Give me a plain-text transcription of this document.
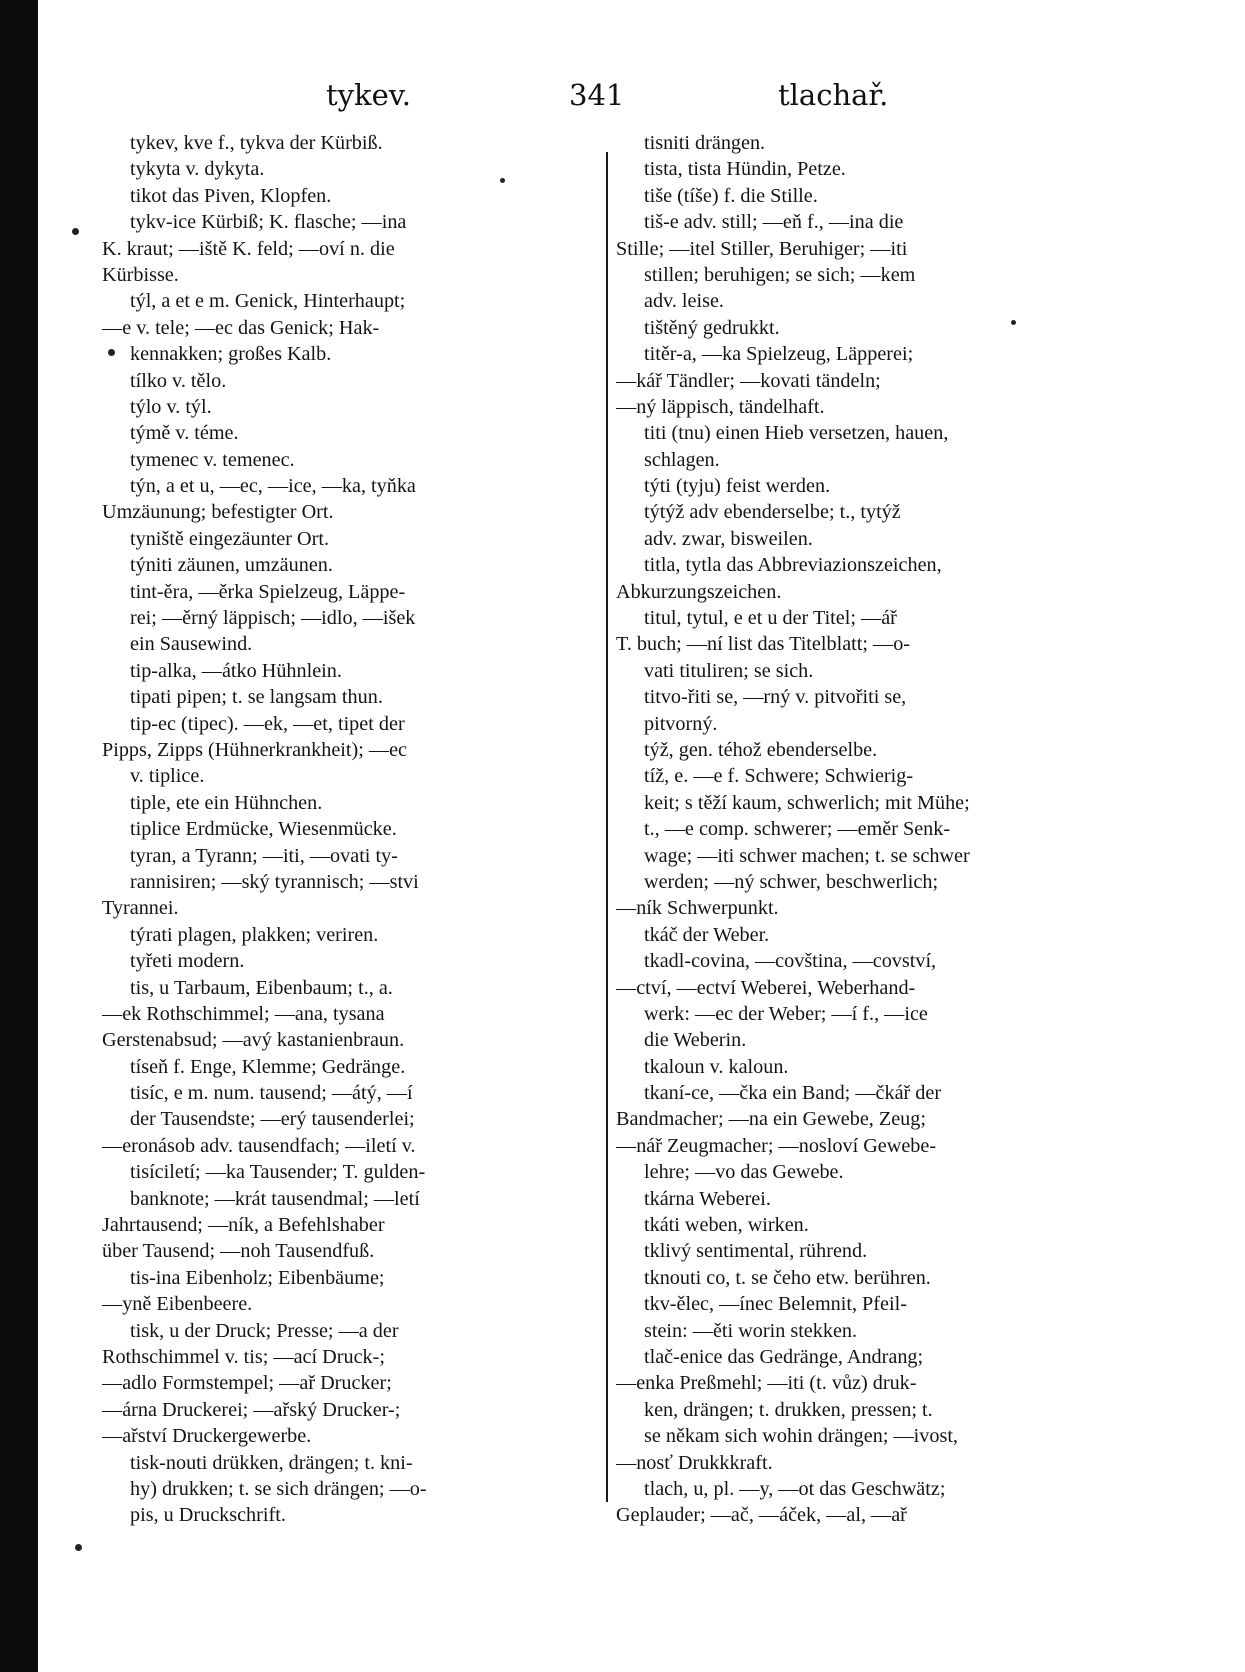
tykev.	341	tlachař.
tykev, kve f., tykva der Kürbiß.
tykyta v. dykyta.
tikot das Piven, Klopfen.
tykv-ice Kürbiß; K. flasche; —ina
K. kraut; —iště K. feld; —oví n. die
Kürbisse.
týl, a et e m. Genick, Hinterhaupt;
—e v. tele; —ec das Genick; Hak-
kennakken; großes Kalb.
tílko v. tělo.
týlo v. týl.
týmě v. téme.
tymenec v. temenec.
týn, a et u, —ec, —ice, —ka, tyňka
Umzäunung; befestigter Ort.
tyniště eingezäunter Ort.
týniti zäunen, umzäunen.
tint-ěra, —ěrka Spielzeug, Läppe-
rei; —ěrný läppisch; —idlo, —išek
ein Sausewind.
tip-alka, —átko Hühnlein.
tipati pipen; t. se langsam thun.
tip-ec (tipec). —ek, —et, tipet der
Pipps, Zipps (Hühnerkrankheit); —ec
v. tiplice.
tiple, ete ein Hühnchen.
tiplice Erdmücke, Wiesenmücke.
tyran, a Tyrann; —iti, —ovati ty-
rannisiren; —ský tyrannisch; —stvi
Tyrannei.
týrati plagen, plakken; veriren.
tyřeti modern.
tis, u Tarbaum, Eibenbaum; t., a.
—ek Rothschimmel; —ana, tysana
Gerstenabsud; —avý kastanienbraun.
tíseň f. Enge, Klemme; Gedränge.
tisíc, e m. num. tausend; —átý, —í
der Tausendste; —erý tausenderlei;
—eronásob adv. tausendfach; —iletí v.
tisíciletí; —ka Tausender; T. gulden-
banknote; —krát tausendmal; —letí
Jahrtausend; —ník, a Befehlshaber
über Tausend; —noh Tausendfuß.
tis-ina Eibenholz; Eibenbäume;
—yně Eibenbeere.
tisk, u der Druck; Presse; —a der
Rothschimmel v. tis; —ací Druck-;
—adlo Formstempel; —ař Drucker;
—árna Druckerei; —ařský Drucker-;
—ařství Druckergewerbe.
tisk-nouti drükken, drängen; t. kni-
hy) drukken; t. se sich drängen; —o-
pis, u Druckschrift.
tisniti drängen.
tista, tista Hündin, Petze.
tiše (tíše) f. die Stille.
tiš-e adv. still; —eň f., —ina die
Stille; —itel Stiller, Beruhiger; —iti
stillen; beruhigen; se sich; —kem
adv. leise.
tištěný gedrukkt.
titěr-a, —ka Spielzeug, Läpperei;
—kář Tändler; —kovati tändeln;
—ný läppisch, tändelhaft.
titi (tnu) einen Hieb versetzen, hauen,
schlagen.
týti (tyju) feist werden.
týtýž adv ebenderselbe; t., tytýž
adv. zwar, bisweilen.
titla, tytla das Abbreviazionszeichen,
Abkurzungszeichen.
titul, tytul, e et u der Titel; —ář
T. buch; —ní list das Titelblatt; —o-
vati tituliren; se sich.
titvo-řiti se, —rný v. pitvořiti se,
pitvorný.
týž, gen. téhož ebenderselbe.
tíž, e. —e f. Schwere; Schwierig-
keit; s těží kaum, schwerlich; mit Mühe;
t., —e comp. schwerer; —eměr Senk-
wage; —iti schwer machen; t. se schwer
werden; —ný schwer, beschwerlich;
—ník Schwerpunkt.
tkáč der Weber.
tkadl-covina, —covština, —covství,
—ctví, —ectví Weberei, Weberhand-
werk: —ec der Weber; —í f., —ice
die Weberin.
tkaloun v. kaloun.
tkaní-ce, —čka ein Band; —čkář der
Bandmacher; —na ein Gewebe, Zeug;
—nář Zeugmacher; —nosloví Gewebe-
lehre; —vo das Gewebe.
tkárna Weberei.
tkáti weben, wirken.
tklivý sentimental, rührend.
tknouti co, t. se čeho etw. berühren.
tkv-ělec, —ínec Belemnit, Pfeil-
stein: —ěti worin stekken.
tlač-enice das Gedränge, Andrang;
—enka Preßmehl; —iti (t. vůz) druk-
ken, drängen; t. drukken, pressen; t.
se někam sich wohin drängen; —ivost,
—nosť Drukkkraft.
tlach, u, pl. —y, —ot das Geschwätz;
Geplauder; —ač, —áček, —al, —ař
